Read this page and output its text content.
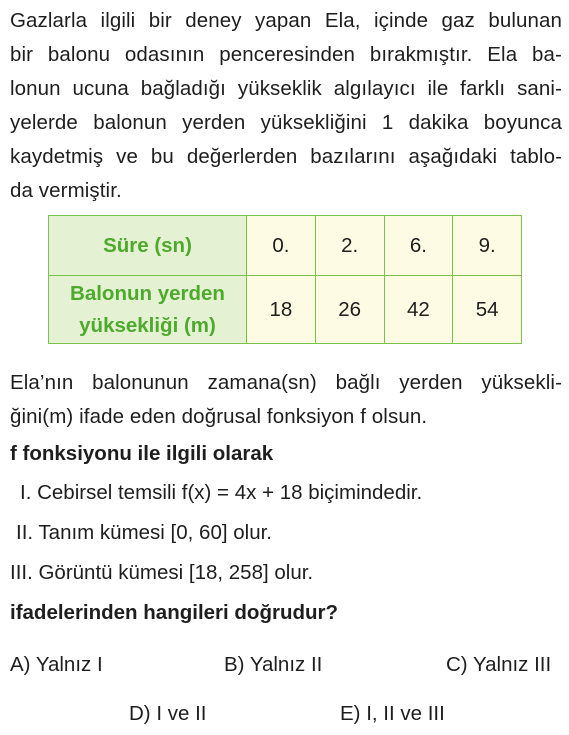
Gazlarla ilgili bir deney yapan Ela, içinde gaz bulunan
bir balonu odasının penceresinden bırakmıştır. Ela ba-
lonun ucuna bağladığı yükseklik algılayıcı ile farklı sani-
yelerde balonun yerden yüksekliğini 1 dakika boyunca
kaydetmiş ve bu değerlerden bazılarını aşağıdaki tablo-
da vermiştir.
Süre (sn)	0.	2.	6.	9.
Balonun yerden
yüksekliği (m)	18	26	42	54
Ela’nın balonunun zamana(sn) bağlı yerden yüksekli-
ğini(m) ifade eden doğrusal fonksiyon f olsun.
f fonksiyonu ile ilgili olarak
I. Cebirsel temsili f(x) = 4x + 18 biçimindedir.
II. Tanım kümesi [0, 60] olur.
III. Görüntü kümesi [18, 258] olur.
ifadelerinden hangileri doğrudur?
A) Yalnız I	B) Yalnız II	C) Yalnız III
D) I ve II	E) I, II ve III
